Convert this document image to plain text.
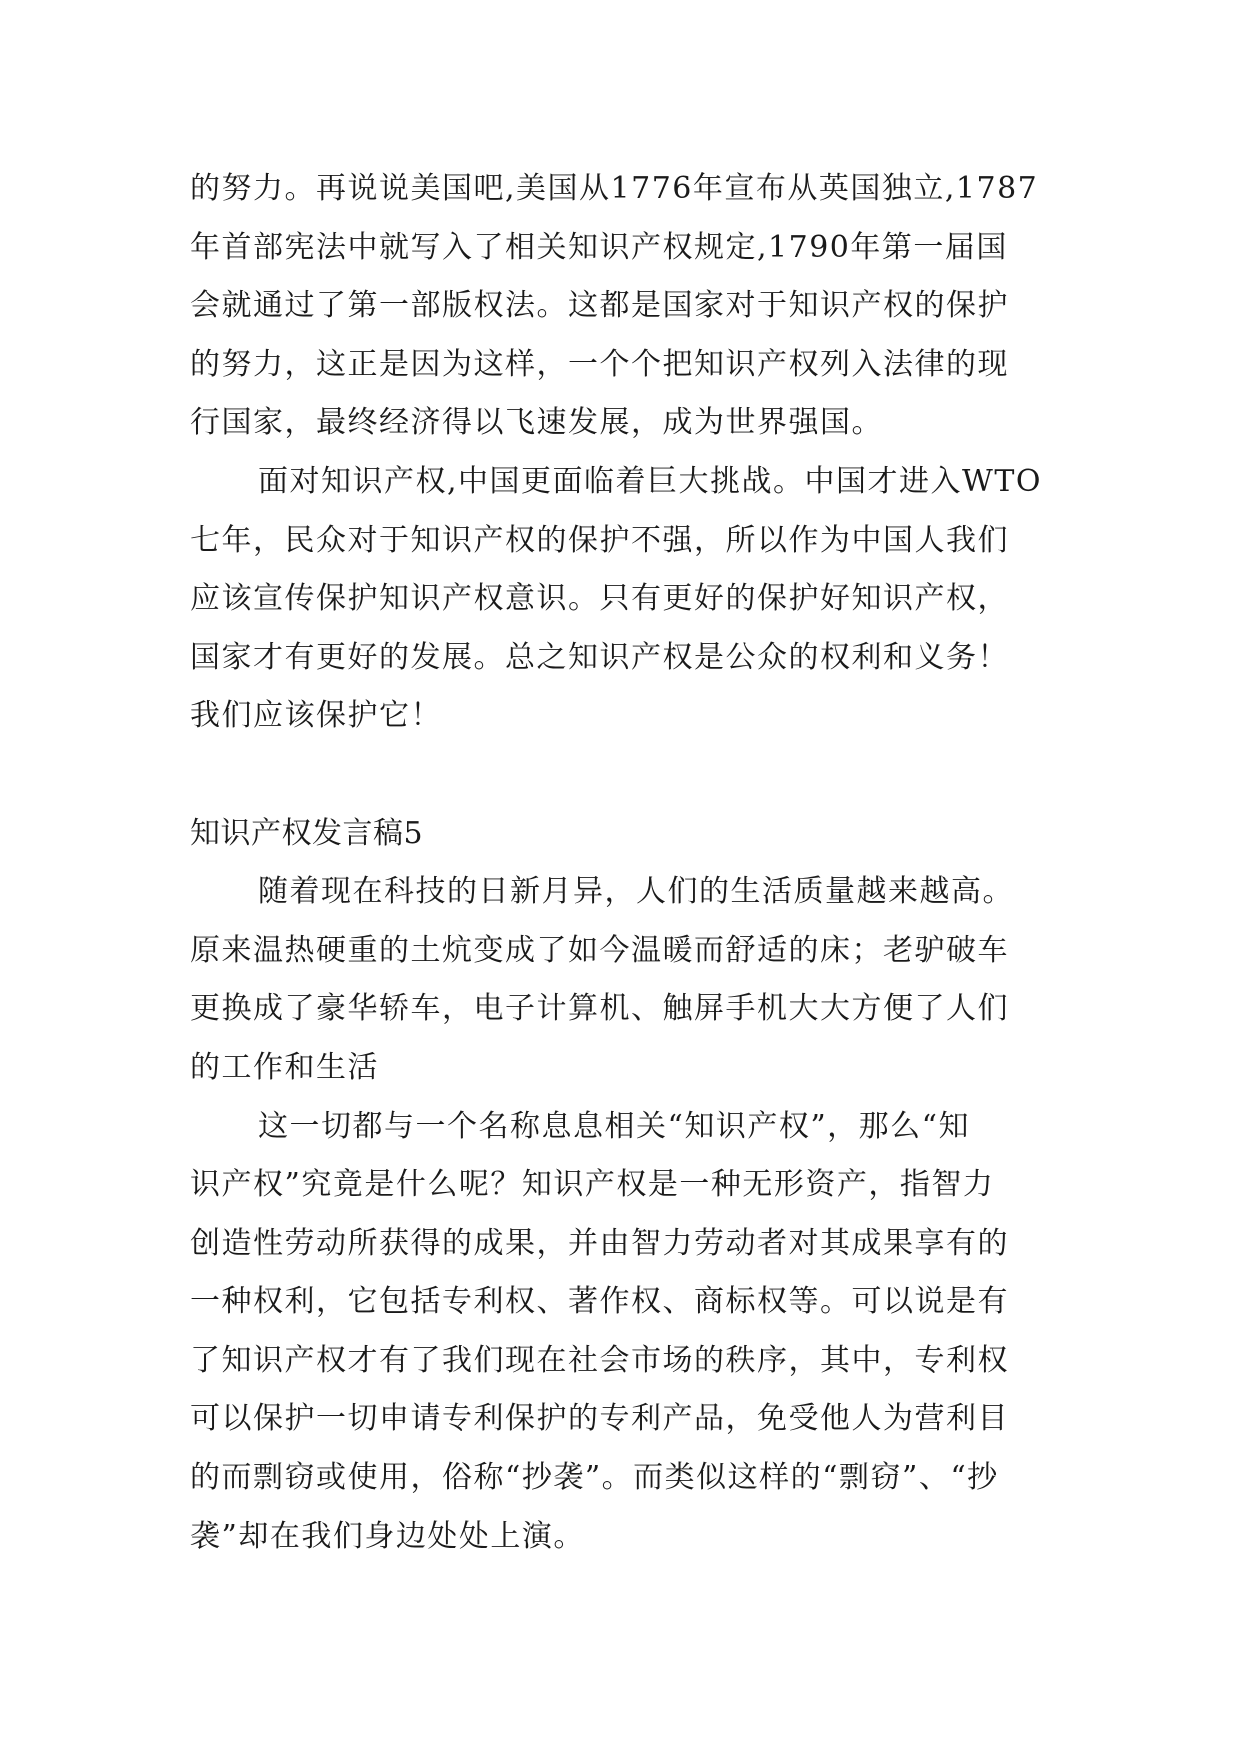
的努力。再说说美国吧,美国从1776年宣布从英国独立,1787
年首部宪法中就写入了相关知识产权规定,1790年第一届国
会就通过了第一部版权法。这都是国家对于知识产权的保护
的努力，这正是因为这样，一个个把知识产权列入法律的现
行国家，最终经济得以飞速发展，成为世界强国。
面对知识产权,中国更面临着巨大挑战。中国才进入WTO
七年，民众对于知识产权的保护不强，所以作为中国人我们
应该宣传保护知识产权意识。只有更好的保护好知识产权，
国家才有更好的发展。总之知识产权是公众的权利和义务！
我们应该保护它！
知识产权发言稿5
随着现在科技的日新月异，人们的生活质量越来越高。
原来温热硬重的土炕变成了如今温暖而舒适的床；老驴破车
更换成了豪华轿车，电子计算机、触屏手机大大方便了人们
的工作和生活
这一切都与一个名称息息相关“知识产权”，那么“知
识产权”究竟是什么呢？知识产权是一种无形资产，指智力
创造性劳动所获得的成果，并由智力劳动者对其成果享有的
一种权利，它包括专利权、著作权、商标权等。可以说是有
了知识产权才有了我们现在社会市场的秩序，其中，专利权
可以保护一切申请专利保护的专利产品，免受他人为营利目
的而剽窃或使用，俗称“抄袭”。而类似这样的“剽窃”、“抄
袭”却在我们身边处处上演。
